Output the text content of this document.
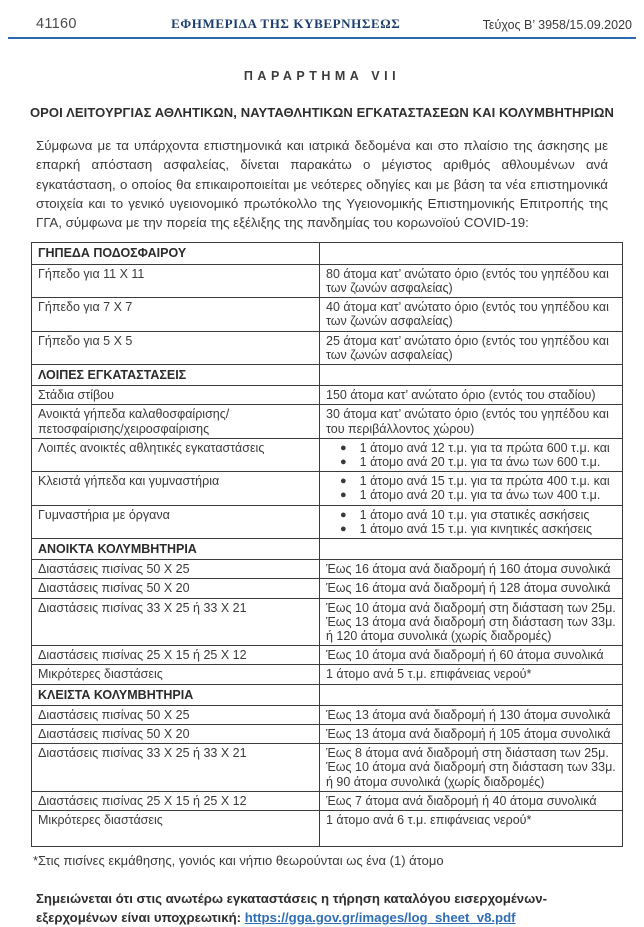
41160	ΕΦΗΜΕΡΙΔΑ ΤΗΣ ΚΥΒΕΡΝΗΣΕΩΣ	Τεύχος Β’ 3958/15.09.2020
ΠΑΡΑΡΤΗΜΑ VII
ΟΡΟΙ ΛΕΙΤΟΥΡΓΙΑΣ ΑΘΛΗΤΙΚΩΝ, ΝΑΥΤΑΘΛΗΤΙΚΩΝ ΕΓΚΑΤΑΣΤΑΣΕΩΝ ΚΑΙ ΚΟΛΥΜΒΗΤΗΡΙΩΝ
Σύμφωνα με τα υπάρχοντα επιστημονικά και ιατρικά δεδομένα και στο πλαίσιο της άσκησης με επαρκή απόσταση ασφαλείας, δίνεται παρακάτω ο μέγιστος αριθμός αθλουμένων ανά εγκατάσταση, ο οποίος θα επικαιροποιείται με νεότερες οδηγίες και με βάση τα νέα επιστημονικά στοιχεία και το γενικό υγειονομικό πρωτόκολλο της Υγειονομικής Επιστημονικής Επιτροπής της ΓΓΑ, σύμφωνα με την πορεία της εξέλιξης της πανδημίας του κορωνοϊού COVID-19:
ΓΗΠΕΔΑ ΠΟΔΟΣΦΑΙΡΟΥ	
Γήπεδο για 11 Χ 11	80 άτομα κατ’ ανώτατο όριο (εντός του γηπέδου και των ζωνών ασφαλείας)
Γήπεδο για 7 Χ 7	40 άτομα κατ’ ανώτατο όριο (εντός του γηπέδου και των ζωνών ασφαλείας)
Γήπεδο για 5 Χ 5	25 άτομα κατ’ ανώτατο όριο (εντός του γηπέδου και των ζωνών ασφαλείας)
ΛΟΙΠΕΣ ΕΓΚΑΤΑΣΤΑΣΕΙΣ	
Στάδια στίβου	150 άτομα κατ’ ανώτατο όριο (εντός του σταδίου)
Ανοικτά γήπεδα καλαθοσφαίρισης/πετοσφαίρισης/χειροσφαίρισης	30 άτομα κατ’ ανώτατο όριο (εντός του γηπέδου και του περιβάλλοντος χώρου)
Λοιπές ανοικτές αθλητικές εγκαταστάσεις	● 1 άτομο ανά 12 τ.μ. για τα πρώτα 600 τ.μ. και
● 1 άτομο ανά 20 τ.μ. για τα άνω των 600 τ.μ.

Κλειστά γήπεδα και γυμναστήρια	● 1 άτομο ανά 15 τ.μ. για τα πρώτα 400 τ.μ. και
● 1 άτομο ανά 20 τ.μ. για τα άνω των 400 τ.μ.

Γυμναστήρια με όργανα	● 1 άτομο ανά 10 τ.μ. για στατικές ασκήσεις
● 1 άτομο ανά 15 τ.μ. για κινητικές ασκήσεις

ΑΝΟΙΚΤΑ ΚΟΛΥΜΒΗΤΗΡΙΑ	
Διαστάσεις πισίνας 50 Χ 25	Έως 16 άτομα ανά διαδρομή ή 160 άτομα συνολικά
Διαστάσεις πισίνας 50 Χ 20	Έως 16 άτομα ανά διαδρομή ή 128 άτομα συνολικά
Διαστάσεις πισίνας 33 Χ 25 ή 33 Χ 21	Έως 10 άτομα ανά διαδρομή στη διάσταση των 25μ.
Έως 13 άτομα ανά διαδρομή στη διάσταση των 33μ.
ή 120 άτομα συνολικά (χωρίς διαδρομές)

Διαστάσεις πισίνας 25 Χ 15 ή 25 Χ 12	Έως 10 άτομα ανά διαδρομή ή 60 άτομα συνολικά
Μικρότερες διαστάσεις	1 άτομο ανά 5 τ.μ. επιφάνειας νερού*
ΚΛΕΙΣΤΑ ΚΟΛΥΜΒΗΤΗΡΙΑ	
Διαστάσεις πισίνας 50 Χ 25	Έως 13 άτομα ανά διαδρομή ή 130 άτομα συνολικά
Διαστάσεις πισίνας 50 Χ 20	Έως 13 άτομα ανά διαδρομή ή 105 άτομα συνολικά
Διαστάσεις πισίνας 33 Χ 25 ή 33 Χ 21	Έως 8 άτομα ανά διαδρομή στη διάσταση των 25μ.
Έως 10 άτομα ανά διαδρομή στη διάσταση των 33μ.
ή 90 άτομα συνολικά (χωρίς διαδρομές)

Διαστάσεις πισίνας 25 Χ 15 ή 25 Χ 12	Έως 7 άτομα ανά διαδρομή ή 40 άτομα συνολικά
Μικρότερες διαστάσεις	1 άτομο ανά 6 τ.μ. επιφάνειας νερού*
*Στις πισίνες εκμάθησης, γονιός και νήπιο θεωρούνται ως ένα (1) άτομο
Σημειώνεται ότι στις ανωτέρω εγκαταστάσεις η τήρηση καταλόγου εισερχομένων-εξερχομένων είναι υποχρεωτική: https://gga.gov.gr/images/log_sheet_v8.pdf
